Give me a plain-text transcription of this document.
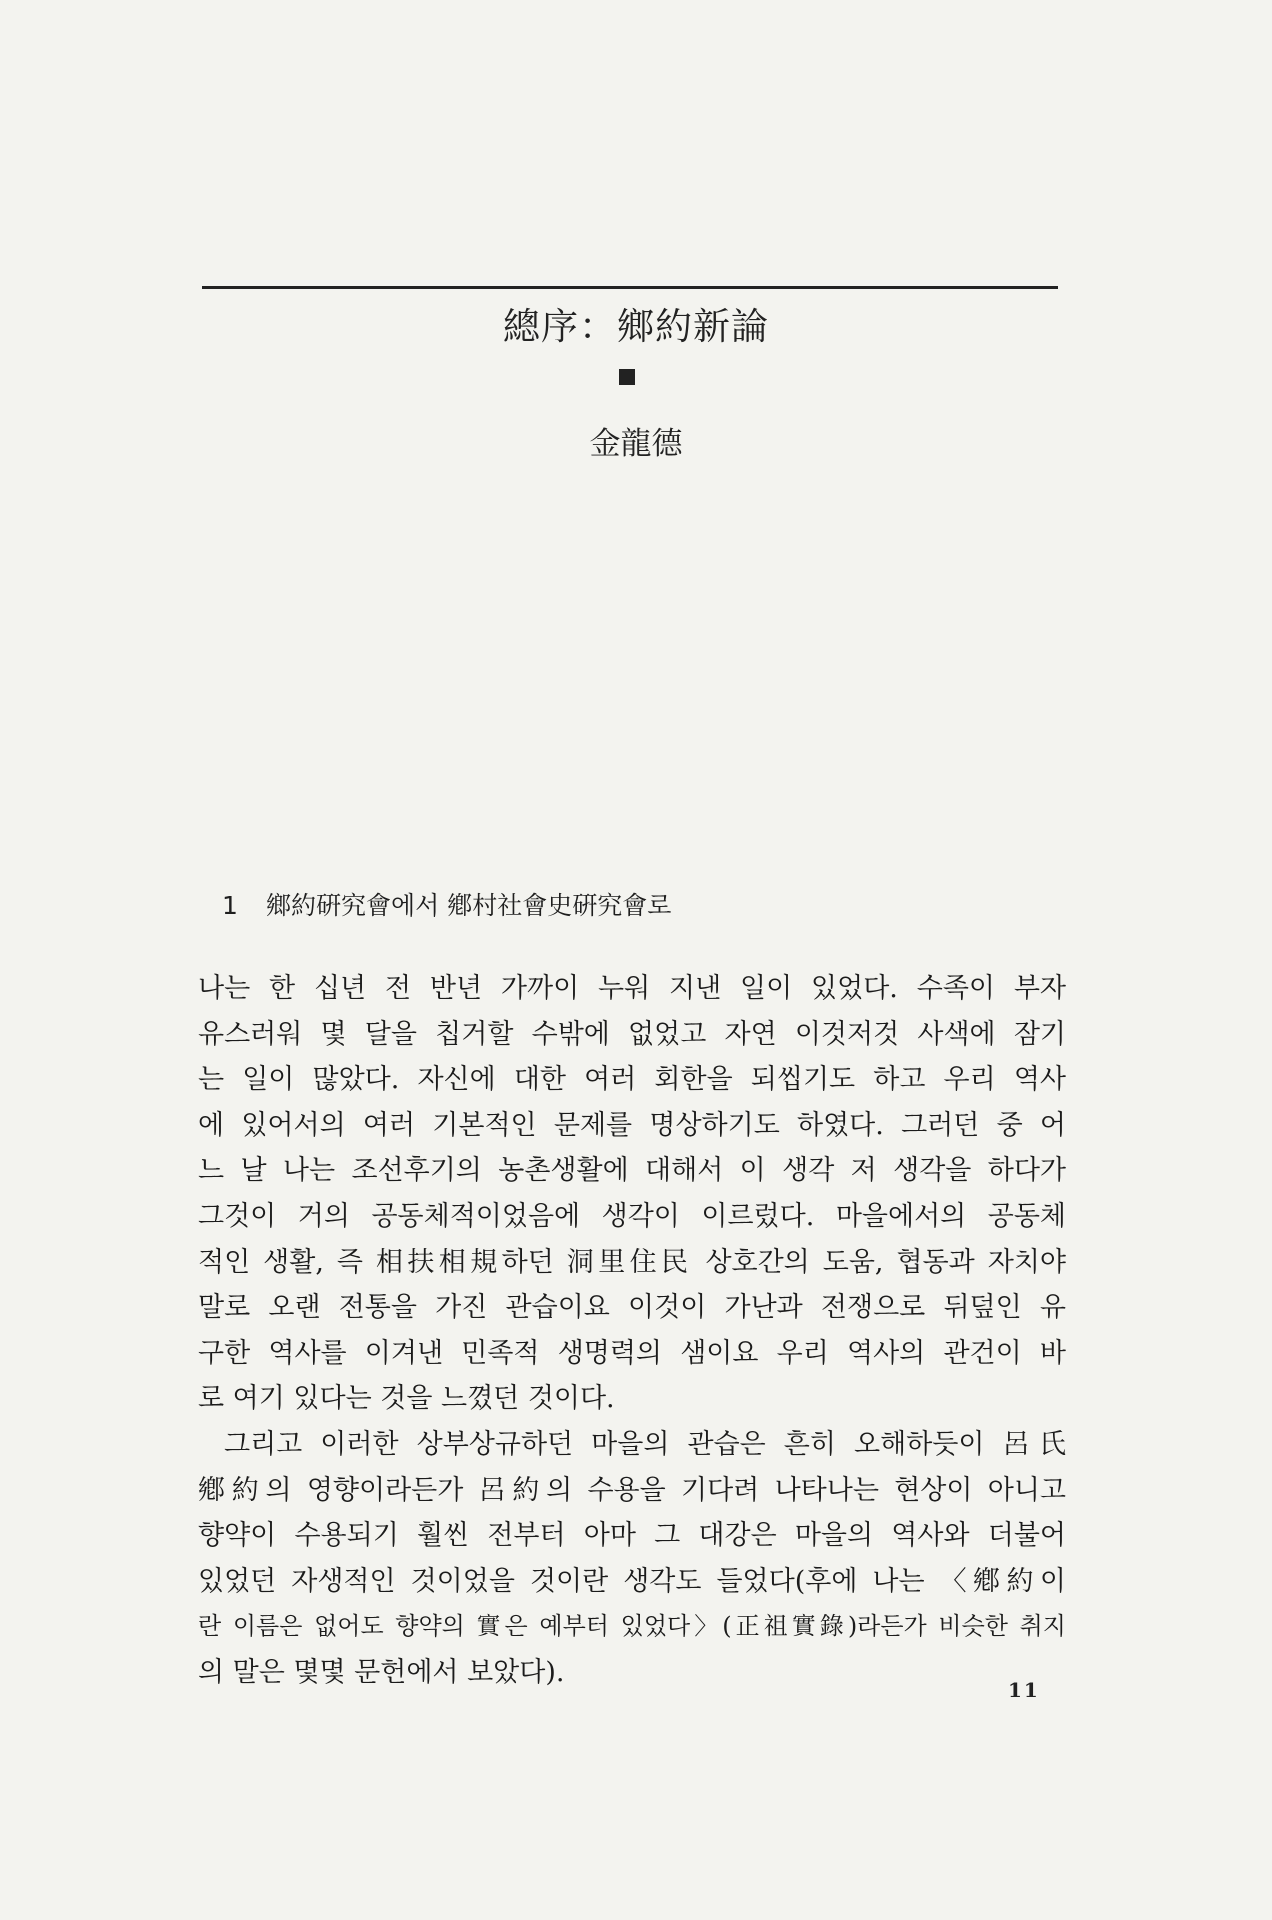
總序：鄉約新論
金龍德
1 鄉約硏究會에서 鄕村社會史硏究會로
나는 한 십년 전 반년 가까이 누워 지낸 일이 있었다. 수족이 부자
유스러워 몇 달을 칩거할 수밖에 없었고 자연 이것저것 사색에 잠기
는 일이 많았다. 자신에 대한 여러 회한을 되씹기도 하고 우리 역사
에 있어서의 여러 기본적인 문제를 명상하기도 하였다. 그러던 중 어
느 날 나는 조선후기의 농촌생활에 대해서 이 생각 저 생각을 하다가
그것이 거의 공동체적이었음에 생각이 이르렀다. 마을에서의 공동체
적인 생활, 즉 相扶相規하던 洞里住民 상호간의 도움, 협동과 자치야
말로 오랜 전통을 가진 관습이요 이것이 가난과 전쟁으로 뒤덮인 유
구한 역사를 이겨낸 민족적 생명력의 샘이요 우리 역사의 관건이 바
로 여기 있다는 것을 느꼈던 것이다.
그리고 이러한 상부상규하던 마을의 관습은 흔히 오해하듯이 呂氏
鄕約의 영향이라든가 呂約의 수용을 기다려 나타나는 현상이 아니고
향약이 수용되기 훨씬 전부터 아마 그 대강은 마을의 역사와 더불어
있었던 자생적인 것이었을 것이란 생각도 들었다(후에 나는 〈鄕約이
란 이름은 없어도 향약의 實은 예부터 있었다〉(正祖實錄)라든가 비슷한 취지
의 말은 몇몇 문헌에서 보았다).
11
